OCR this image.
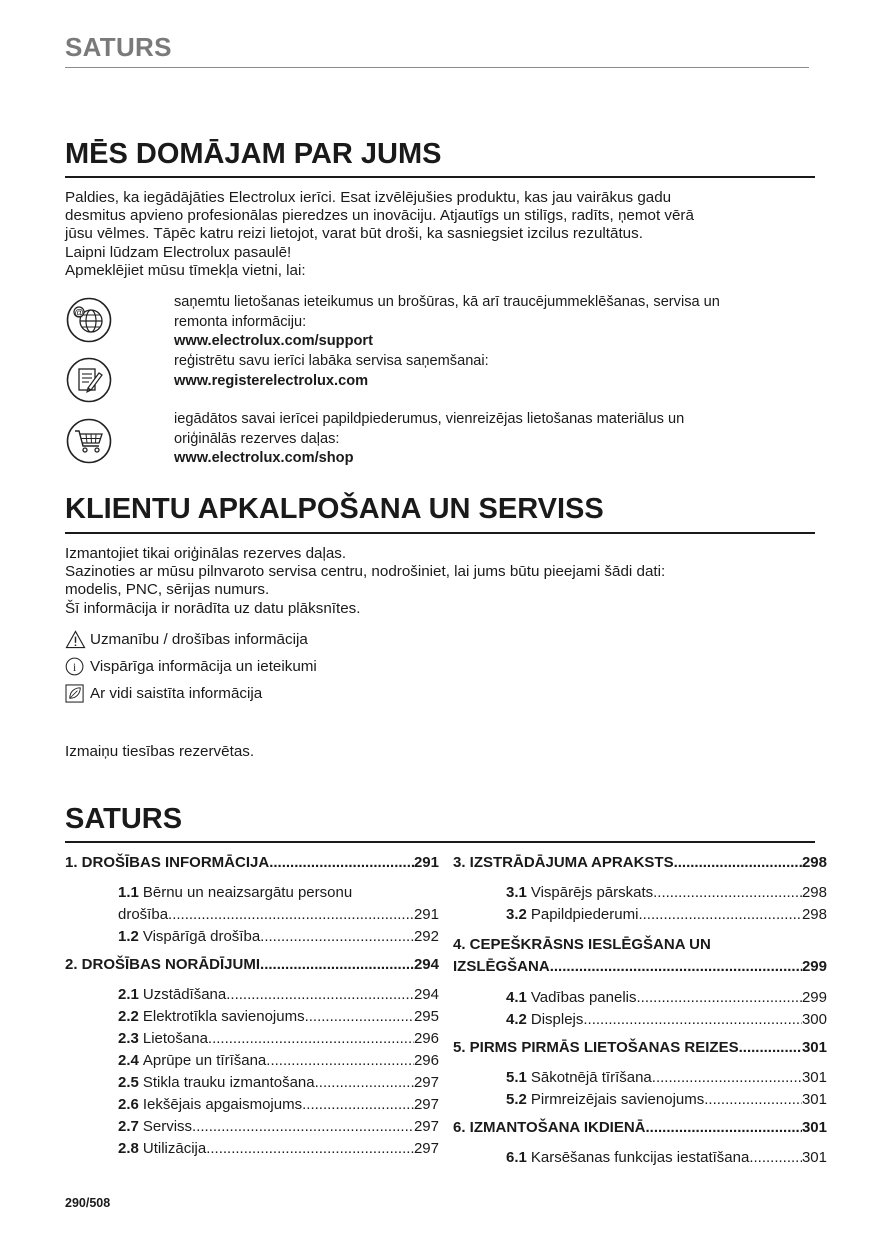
SATURS
MĒS DOMĀJAM PAR JUMS
Paldies, ka iegādājāties Electrolux ierīci. Esat izvēlējušies produktu, kas jau vairākus gadu
desmitus apvieno profesionālas pieredzes un inovāciju. Atjautīgs un stilīgs, radīts, ņemot vērā
jūsu vēlmes. Tāpēc katru reizi lietojot, varat būt droši, ka sasniegsiet izcilus rezultātus.
Laipni lūdzam Electrolux pasaulē!
Apmeklējiet mūsu tīmekļa vietni, lai:
@
saņemtu lietošanas ieteikumus un brošūras, kā arī traucējummeklēšanas, servisa un
remonta informāciju:
www.electrolux.com/support
reģistrētu savu ierīci labāka servisa saņemšanai:
www.registerelectrolux.com
iegādātos savai ierīcei papildpiederumus, vienreizējas lietošanas materiālus un
oriģinālās rezerves daļas:
www.electrolux.com/shop
KLIENTU APKALPOŠANA UN SERVISS
Izmantojiet tikai oriģinālas rezerves daļas.
Sazinoties ar mūsu pilnvaroto servisa centru, nodrošiniet, lai jums būtu pieejami šādi dati:
modelis, PNC, sērijas numurs.
Šī informācija ir norādīta uz datu plāksnītes.
Uzmanību / drošības informācija
i Vispārīga informācija un ieteikumi
Ar vidi saistīta informācija
Izmaiņu tiesības rezervētas.
SATURS
1. DROŠĪBAS INFORMĀCIJA .....	291
1.1 Bērnu un neaizsargātu personu
drošība .....	291
1.2 Vispārīgā drošība .....	292
2. DROŠĪBAS NORĀDĪJUMI .....	294
2.1 Uzstādīšana .....	294
2.2 Elektrotīkla savienojums .....	295
2.3 Lietošana .....	296
2.4 Aprūpe un tīrīšana .....	296
2.5 Stikla trauku izmantošana .....	297
2.6 Iekšējais apgaismojums .....	297
2.7 Serviss .....	297
2.8 Utilizācija .....	297
3. IZSTRĀDĀJUMA APRAKSTS .....	298
3.1 Vispārējs pārskats .....	298
3.2 Papildpiederumi .....	298
4. CEPEŠKRĀSNS IESLĒGŠANA UN
IZSLĒGŠANA .....	299
4.1 Vadības panelis .....	299
4.2 Displejs .....	300
5. PIRMS PIRMĀS LIETOŠANAS REIZES .....	301
5.1 Sākotnējā tīrīšana .....	301
5.2 Pirmreizējais savienojums .....	301
6. IZMANTOŠANA IKDIENĀ .....	301
6.1 Karsēšanas funkcijas iestatīšana .....	301
290/508
